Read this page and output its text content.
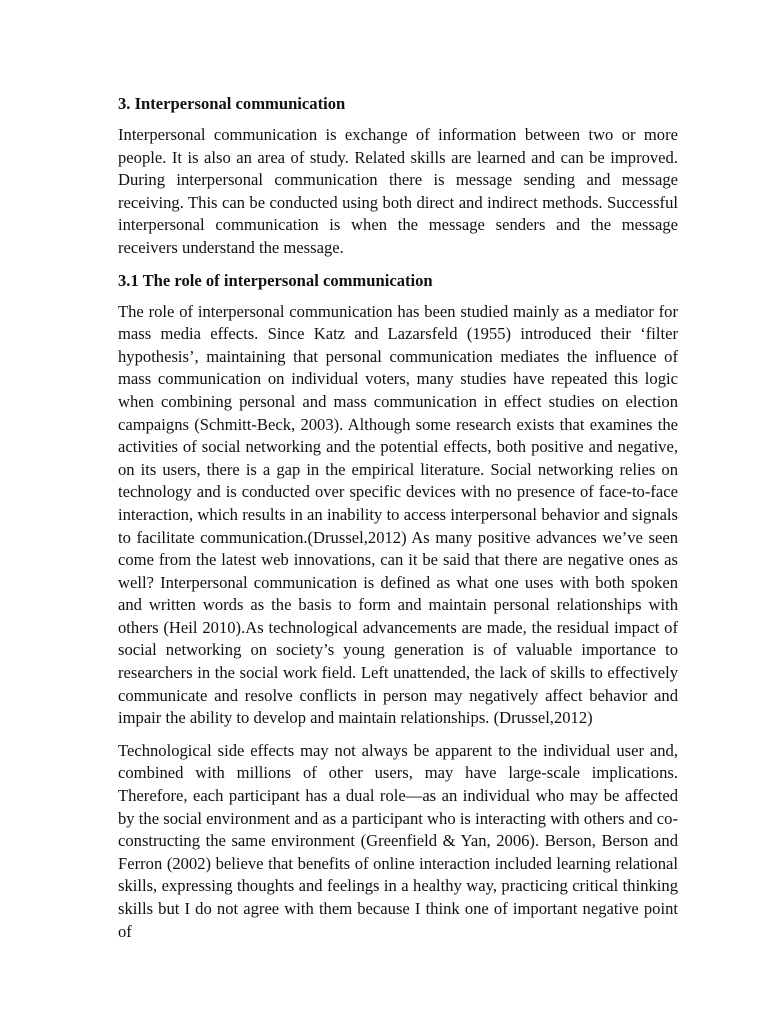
3. Interpersonal communication

Interpersonal communication is exchange of information between two or more people. It is also an area of study. Related skills are learned and can be improved. During interpersonal communication there is message sending and message receiving. This can be conducted using both direct and indirect methods. Successful interpersonal communication is when the message senders and the message receivers understand the message.

3.1 The role of interpersonal communication

The role of interpersonal communication has been studied mainly as a mediator for mass media effects. Since Katz and Lazarsfeld (1955) introduced their ‘filter hypothesis’, maintaining that personal communication mediates the influence of mass communication on individual voters, many studies have repeated this logic when combining personal and mass communication in effect studies on election campaigns (Schmitt-Beck, 2003). Although some research exists that examines the activities of social networking and the potential effects, both positive and negative, on its users, there is a gap in the empirical literature. Social networking relies on technology and is conducted over specific devices with no presence of face-to-face interaction, which results in an inability to access interpersonal behavior and signals to facilitate communication.(Drussel,2012) As many positive advances we’ve seen come from the latest web innovations, can it be said that there are negative ones as well? Interpersonal communication is defined as what one uses with both spoken and written words as the basis to form and maintain personal relationships with others (Heil 2010).As technological advancements are made, the residual impact of social networking on society’s young generation is of valuable importance to researchers in the social work field. Left unattended, the lack of skills to effectively communicate and resolve conflicts in person may negatively affect behavior and impair the ability to develop and maintain relationships. (Drussel,2012)

Technological side effects may not always be apparent to the individual user and, combined with millions of other users, may have large-scale implications. Therefore, each participant has a dual role—as an individual who may be affected by the social environment and as a participant who is interacting with others and co-constructing the same environment (Greenfield & Yan, 2006). Berson, Berson and Ferron (2002) believe that benefits of online interaction included learning relational skills, expressing thoughts and feelings in a healthy way, practicing critical thinking skills but I do not agree with them because I think one of important negative point of
